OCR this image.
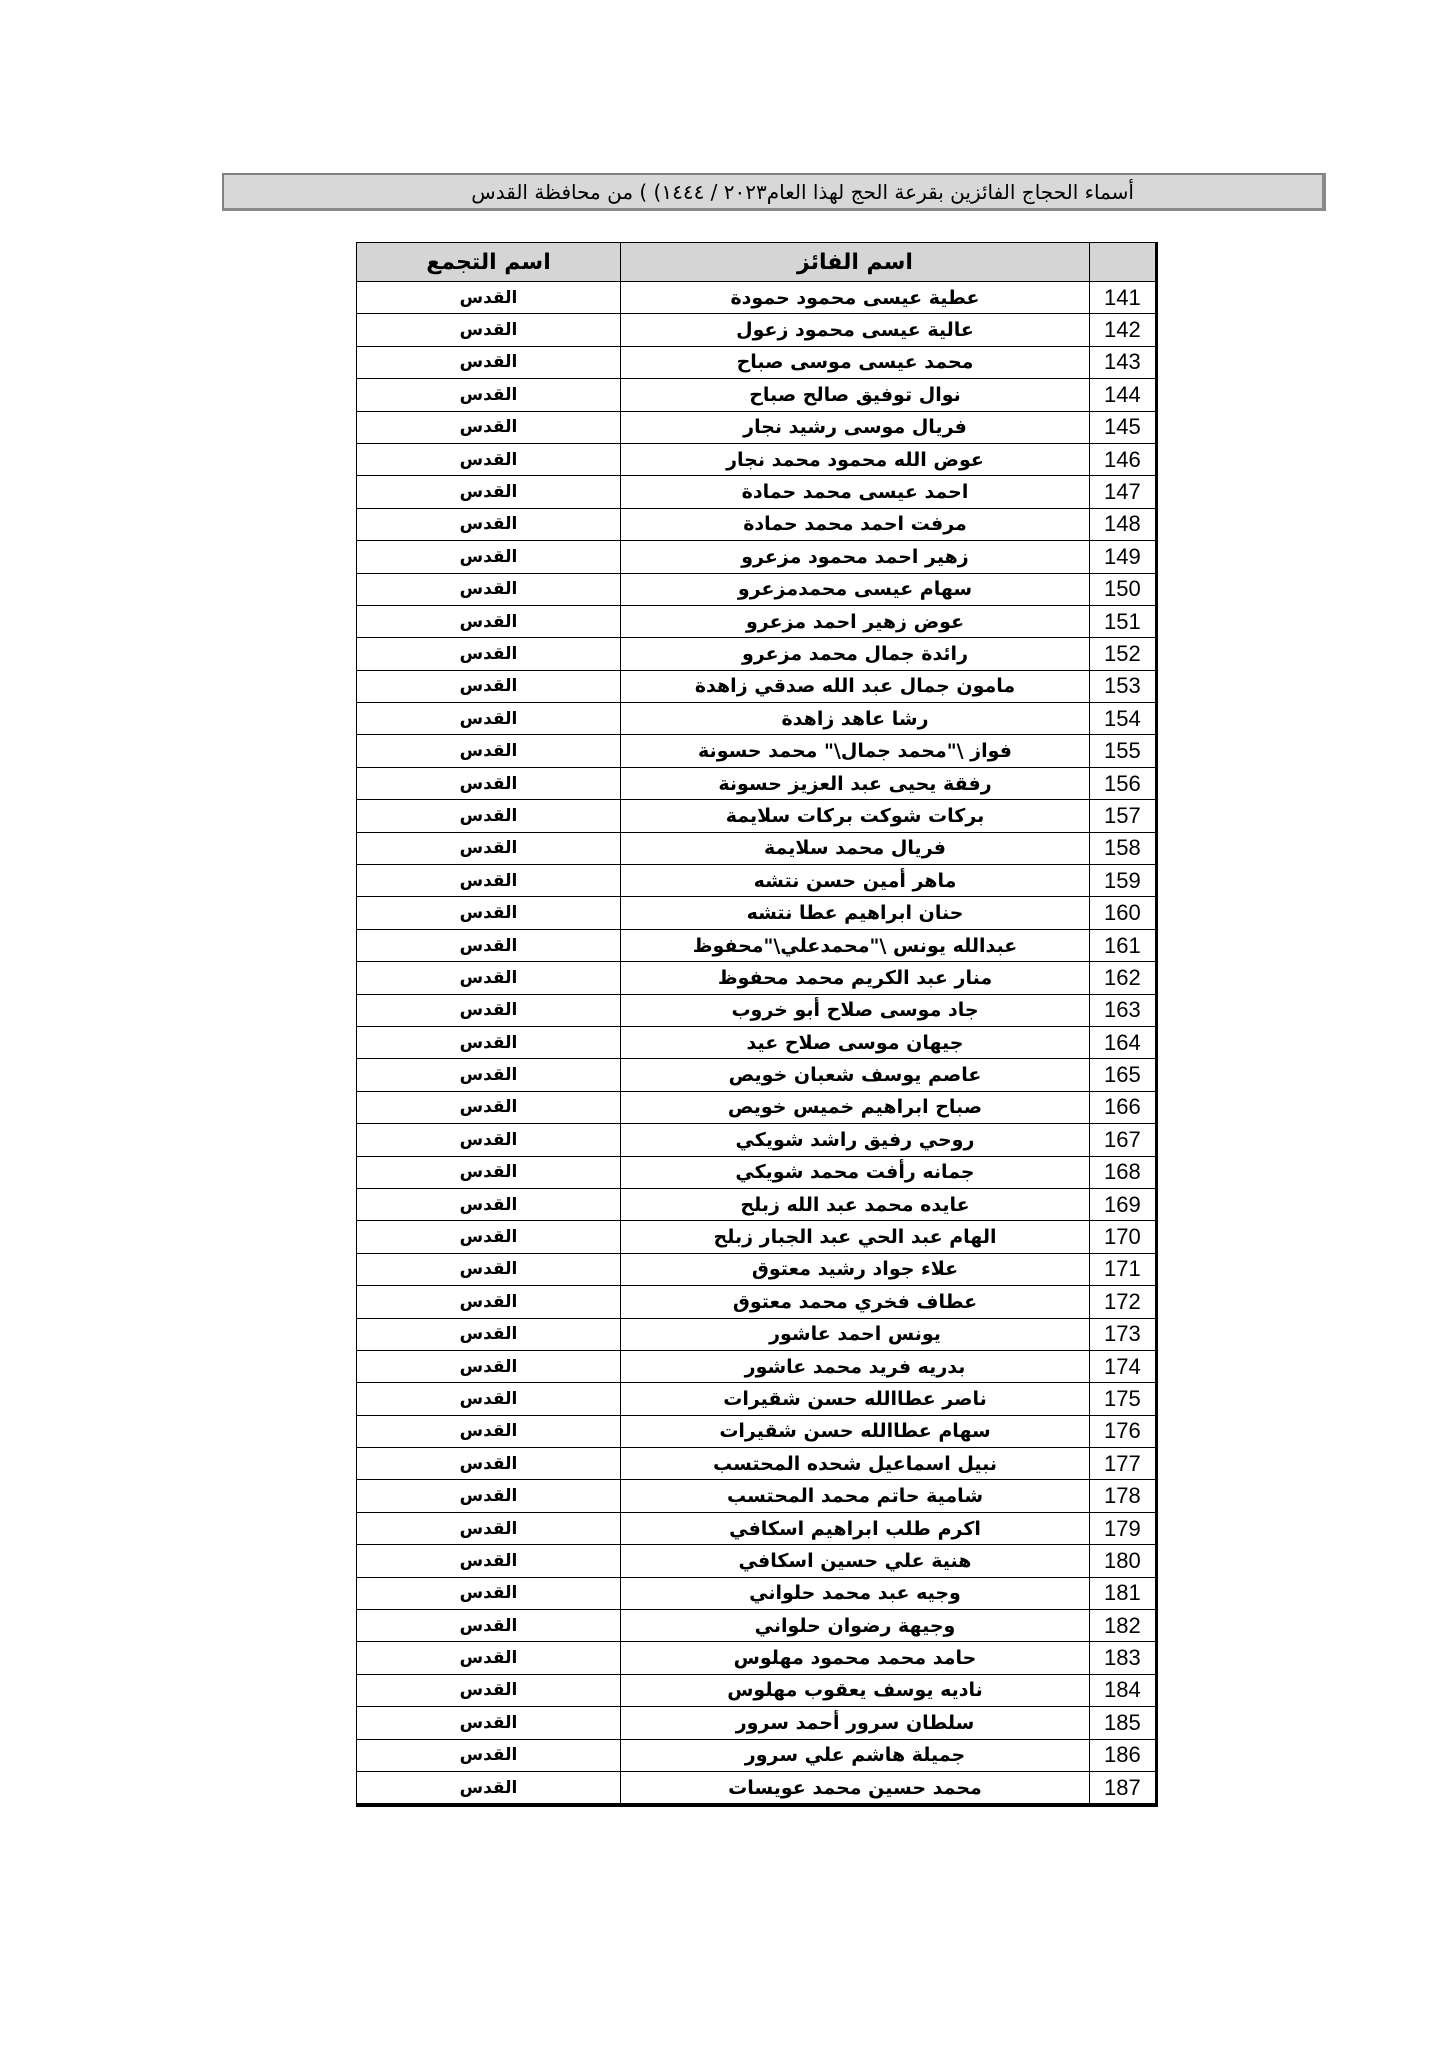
أسماء الحجاج الفائزين بقرعة الحج لهذا العام٢٠٢٣ / ١٤٤٤) ) من محافظة القدس
اسم التجمع	اسم الفائز	
القدس	عطية عيسى محمود حمودة	141
القدس	عالية عيسى محمود زعول	142
القدس	محمد عيسى موسى صباح	143
القدس	نوال توفيق صالح صباح	144
القدس	فريال موسى رشيد نجار	145
القدس	عوض الله محمود محمد نجار	146
القدس	احمد عيسى محمد حمادة	147
القدس	مرفت احمد محمد حمادة	148
القدس	زهير احمد محمود مزعرو	149
القدس	سهام عيسى محمدمزعرو	150
القدس	عوض زهير احمد مزعرو	151
القدس	رائدة جمال محمد مزعرو	152
القدس	مامون جمال عبد الله صدقي زاهدة	153
القدس	رشا عاهد زاهدة	154
القدس	فواز \"محمد جمال\" محمد حسونة	155
القدس	رفقة يحيى عبد العزيز حسونة	156
القدس	بركات شوكت بركات سلايمة	157
القدس	فريال محمد سلايمة	158
القدس	ماهر أمين حسن نتشه	159
القدس	حنان ابراهيم عطا نتشه	160
القدس	عبدالله يونس \"محمدعلي\"محفوظ	161
القدس	منار عبد الكريم محمد محفوظ	162
القدس	جاد موسى صلاح أبو خروب	163
القدس	جيهان موسى صلاح عيد	164
القدس	عاصم يوسف شعبان خويص	165
القدس	صباح ابراهيم خميس خويص	166
القدس	روحي رفيق راشد شويكي	167
القدس	جمانه رأفت محمد شويكي	168
القدس	عايده محمد عبد الله زبلح	169
القدس	الهام عبد الحي عبد الجبار زبلح	170
القدس	علاء جواد رشيد معتوق	171
القدس	عطاف فخري محمد معتوق	172
القدس	يونس احمد عاشور	173
القدس	بدريه فريد محمد عاشور	174
القدس	ناصر عطاالله حسن شقيرات	175
القدس	سهام عطاالله حسن شقيرات	176
القدس	نبيل اسماعيل شحده المحتسب	177
القدس	شامية حاتم محمد المحتسب	178
القدس	اكرم طلب ابراهيم اسكافي	179
القدس	هنية علي حسين اسكافي	180
القدس	وجيه عبد محمد حلواني	181
القدس	وجيهة رضوان حلواني	182
القدس	حامد محمد محمود مهلوس	183
القدس	ناديه يوسف يعقوب مهلوس	184
القدس	سلطان سرور أحمد سرور	185
القدس	جميلة هاشم علي سرور	186
القدس	محمد حسين محمد عويسات	187
